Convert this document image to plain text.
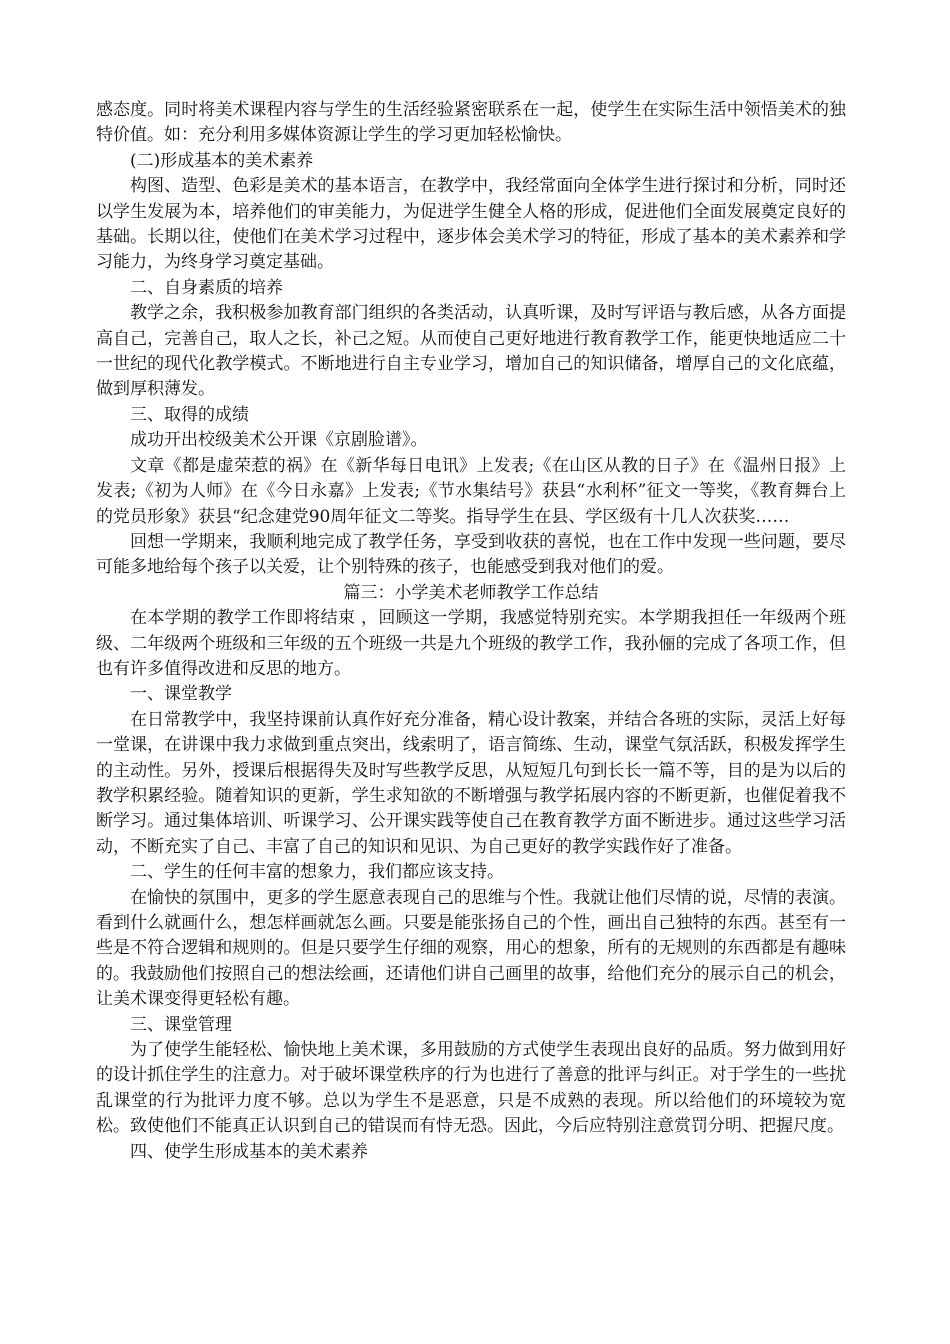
感态度。同时将美术课程内容与学生的生活经验紧密联系在一起，使学生在实际生活中领悟美术的独特价值。如：充分利用多媒体资源让学生的学习更加轻松愉快。

(二)形成基本的美术素养

构图、造型、色彩是美术的基本语言，在教学中，我经常面向全体学生进行探讨和分析，同时还以学生发展为本，培养他们的审美能力，为促进学生健全人格的形成，促进他们全面发展奠定良好的基础。长期以往，使他们在美术学习过程中，逐步体会美术学习的特征，形成了基本的美术素养和学习能力，为终身学习奠定基础。

二、自身素质的培养

教学之余，我积极参加教育部门组织的各类活动，认真听课，及时写评语与教后感，从各方面提高自己，完善自己，取人之长，补己之短。从而使自己更好地进行教育教学工作，能更快地适应二十一世纪的现代化教学模式。不断地进行自主专业学习，增加自己的知识储备，增厚自己的文化底蕴，做到厚积薄发。

三、取得的成绩

成功开出校级美术公开课《京剧脸谱》。

文章《都是虚荣惹的祸》在《新华每日电讯》上发表;《在山区从教的日子》在《温州日报》上发表;《初为人师》在《今日永嘉》上发表;《节水集结号》获县“水利杯”征文一等奖，《教育舞台上的党员形象》获县“纪念建党90周年征文二等奖。指导学生在县、学区级有十几人次获奖……

回想一学期来，我顺利地完成了教学任务，享受到收获的喜悦，也在工作中发现一些问题，要尽可能多地给每个孩子以关爱，让个别特殊的孩子，也能感受到我对他们的爱。

篇三：小学美术老师教学工作总结

在本学期的教学工作即将结束 ，回顾这一学期，我感觉特别充实。本学期我担任一年级两个班级、二年级两个班级和三年级的五个班级一共是九个班级的教学工作，我孙俪的完成了各项工作，但也有许多值得改进和反思的地方。

一、课堂教学

在日常教学中，我坚持课前认真作好充分准备，精心设计教案，并结合各班的实际，灵活上好每一堂课，在讲课中我力求做到重点突出，线索明了，语言简练、生动，课堂气氛活跃，积极发挥学生的主动性。另外，授课后根据得失及时写些教学反思，从短短几句到长长一篇不等，目的是为以后的教学积累经验。随着知识的更新，学生求知欲的不断增强与教学拓展内容的不断更新，也催促着我不断学习。通过集体培训、听课学习、公开课实践等使自己在教育教学方面不断进步。通过这些学习活动，不断充实了自己、丰富了自己的知识和见识、为自己更好的教学实践作好了准备。

二、学生的任何丰富的想象力，我们都应该支持。

在愉快的氛围中，更多的学生愿意表现自己的思维与个性。我就让他们尽情的说，尽情的表演。看到什么就画什么，想怎样画就怎么画。只要是能张扬自己的个性，画出自己独特的东西。甚至有一些是不符合逻辑和规则的。但是只要学生仔细的观察，用心的想象，所有的无规则的东西都是有趣味的。我鼓励他们按照自己的想法绘画，还请他们讲自己画里的故事，给他们充分的展示自己的机会，让美术课变得更轻松有趣。

三、课堂管理

为了使学生能轻松、愉快地上美术课，多用鼓励的方式使学生表现出良好的品质。努力做到用好的设计抓住学生的注意力。对于破坏课堂秩序的行为也进行了善意的批评与纠正。对于学生的一些扰乱课堂的行为批评力度不够。总以为学生不是恶意，只是不成熟的表现。所以给他们的环境较为宽松。致使他们不能真正认识到自己的错误而有恃无恐。因此，今后应特别注意赏罚分明、把握尺度。

四、使学生形成基本的美术素养
